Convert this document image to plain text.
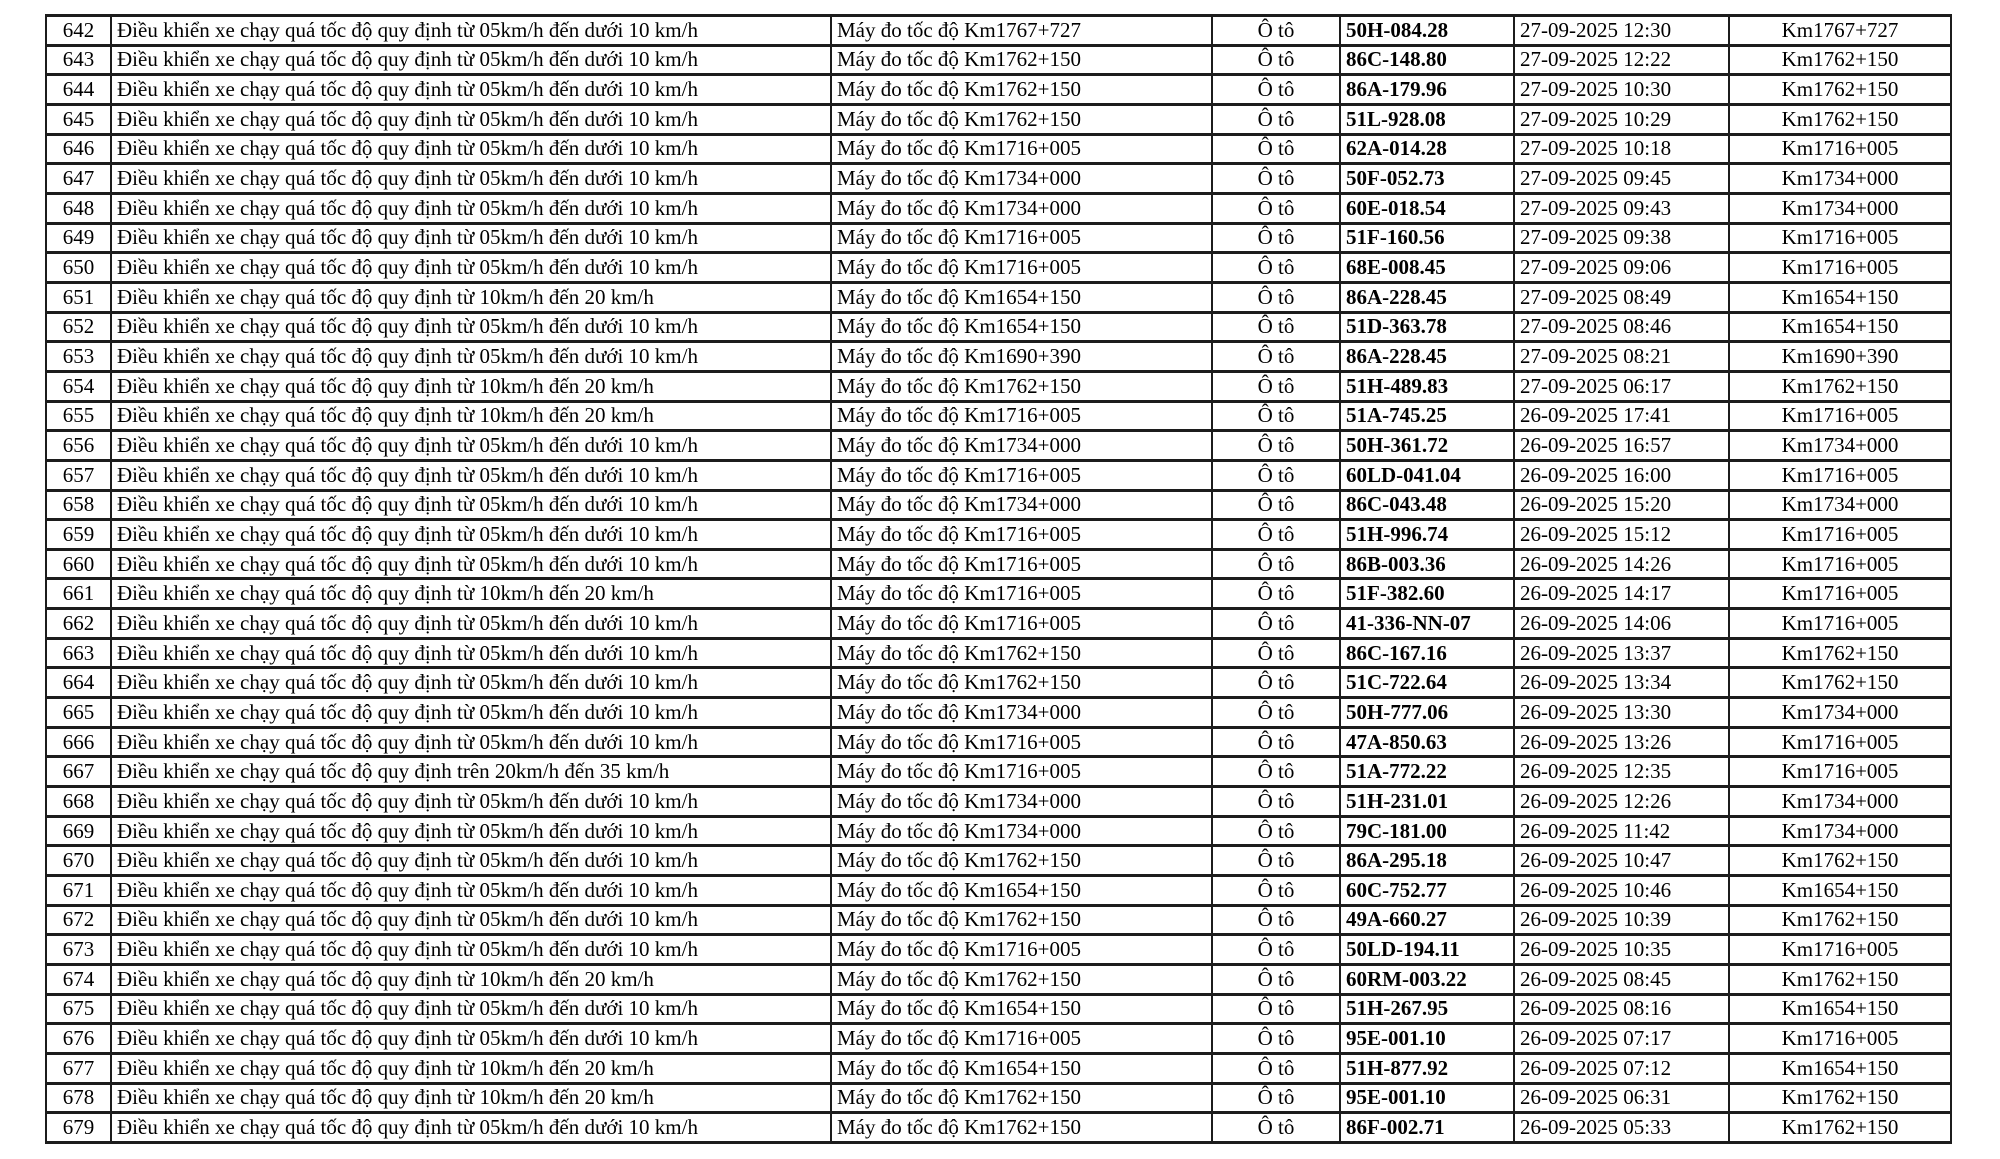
642	Điều khiển xe chạy quá tốc độ quy định từ 05km/h đến dưới 10 km/h	Máy đo tốc độ Km1767+727	Ô tô	50H-084.28	27-09-2025 12:30	Km1767+727
643	Điều khiển xe chạy quá tốc độ quy định từ 05km/h đến dưới 10 km/h	Máy đo tốc độ Km1762+150	Ô tô	86C-148.80	27-09-2025 12:22	Km1762+150
644	Điều khiển xe chạy quá tốc độ quy định từ 05km/h đến dưới 10 km/h	Máy đo tốc độ Km1762+150	Ô tô	86A-179.96	27-09-2025 10:30	Km1762+150
645	Điều khiển xe chạy quá tốc độ quy định từ 05km/h đến dưới 10 km/h	Máy đo tốc độ Km1762+150	Ô tô	51L-928.08	27-09-2025 10:29	Km1762+150
646	Điều khiển xe chạy quá tốc độ quy định từ 05km/h đến dưới 10 km/h	Máy đo tốc độ Km1716+005	Ô tô	62A-014.28	27-09-2025 10:18	Km1716+005
647	Điều khiển xe chạy quá tốc độ quy định từ 05km/h đến dưới 10 km/h	Máy đo tốc độ Km1734+000	Ô tô	50F-052.73	27-09-2025 09:45	Km1734+000
648	Điều khiển xe chạy quá tốc độ quy định từ 05km/h đến dưới 10 km/h	Máy đo tốc độ Km1734+000	Ô tô	60E-018.54	27-09-2025 09:43	Km1734+000
649	Điều khiển xe chạy quá tốc độ quy định từ 05km/h đến dưới 10 km/h	Máy đo tốc độ Km1716+005	Ô tô	51F-160.56	27-09-2025 09:38	Km1716+005
650	Điều khiển xe chạy quá tốc độ quy định từ 05km/h đến dưới 10 km/h	Máy đo tốc độ Km1716+005	Ô tô	68E-008.45	27-09-2025 09:06	Km1716+005
651	Điều khiển xe chạy quá tốc độ quy định từ 10km/h đến 20 km/h	Máy đo tốc độ Km1654+150	Ô tô	86A-228.45	27-09-2025 08:49	Km1654+150
652	Điều khiển xe chạy quá tốc độ quy định từ 05km/h đến dưới 10 km/h	Máy đo tốc độ Km1654+150	Ô tô	51D-363.78	27-09-2025 08:46	Km1654+150
653	Điều khiển xe chạy quá tốc độ quy định từ 05km/h đến dưới 10 km/h	Máy đo tốc độ Km1690+390	Ô tô	86A-228.45	27-09-2025 08:21	Km1690+390
654	Điều khiển xe chạy quá tốc độ quy định từ 10km/h đến 20 km/h	Máy đo tốc độ Km1762+150	Ô tô	51H-489.83	27-09-2025 06:17	Km1762+150
655	Điều khiển xe chạy quá tốc độ quy định từ 10km/h đến 20 km/h	Máy đo tốc độ Km1716+005	Ô tô	51A-745.25	26-09-2025 17:41	Km1716+005
656	Điều khiển xe chạy quá tốc độ quy định từ 05km/h đến dưới 10 km/h	Máy đo tốc độ Km1734+000	Ô tô	50H-361.72	26-09-2025 16:57	Km1734+000
657	Điều khiển xe chạy quá tốc độ quy định từ 05km/h đến dưới 10 km/h	Máy đo tốc độ Km1716+005	Ô tô	60LD-041.04	26-09-2025 16:00	Km1716+005
658	Điều khiển xe chạy quá tốc độ quy định từ 05km/h đến dưới 10 km/h	Máy đo tốc độ Km1734+000	Ô tô	86C-043.48	26-09-2025 15:20	Km1734+000
659	Điều khiển xe chạy quá tốc độ quy định từ 05km/h đến dưới 10 km/h	Máy đo tốc độ Km1716+005	Ô tô	51H-996.74	26-09-2025 15:12	Km1716+005
660	Điều khiển xe chạy quá tốc độ quy định từ 05km/h đến dưới 10 km/h	Máy đo tốc độ Km1716+005	Ô tô	86B-003.36	26-09-2025 14:26	Km1716+005
661	Điều khiển xe chạy quá tốc độ quy định từ 10km/h đến 20 km/h	Máy đo tốc độ Km1716+005	Ô tô	51F-382.60	26-09-2025 14:17	Km1716+005
662	Điều khiển xe chạy quá tốc độ quy định từ 05km/h đến dưới 10 km/h	Máy đo tốc độ Km1716+005	Ô tô	41-336-NN-07	26-09-2025 14:06	Km1716+005
663	Điều khiển xe chạy quá tốc độ quy định từ 05km/h đến dưới 10 km/h	Máy đo tốc độ Km1762+150	Ô tô	86C-167.16	26-09-2025 13:37	Km1762+150
664	Điều khiển xe chạy quá tốc độ quy định từ 05km/h đến dưới 10 km/h	Máy đo tốc độ Km1762+150	Ô tô	51C-722.64	26-09-2025 13:34	Km1762+150
665	Điều khiển xe chạy quá tốc độ quy định từ 05km/h đến dưới 10 km/h	Máy đo tốc độ Km1734+000	Ô tô	50H-777.06	26-09-2025 13:30	Km1734+000
666	Điều khiển xe chạy quá tốc độ quy định từ 05km/h đến dưới 10 km/h	Máy đo tốc độ Km1716+005	Ô tô	47A-850.63	26-09-2025 13:26	Km1716+005
667	Điều khiển xe chạy quá tốc độ quy định trên 20km/h đến 35 km/h	Máy đo tốc độ Km1716+005	Ô tô	51A-772.22	26-09-2025 12:35	Km1716+005
668	Điều khiển xe chạy quá tốc độ quy định từ 05km/h đến dưới 10 km/h	Máy đo tốc độ Km1734+000	Ô tô	51H-231.01	26-09-2025 12:26	Km1734+000
669	Điều khiển xe chạy quá tốc độ quy định từ 05km/h đến dưới 10 km/h	Máy đo tốc độ Km1734+000	Ô tô	79C-181.00	26-09-2025 11:42	Km1734+000
670	Điều khiển xe chạy quá tốc độ quy định từ 05km/h đến dưới 10 km/h	Máy đo tốc độ Km1762+150	Ô tô	86A-295.18	26-09-2025 10:47	Km1762+150
671	Điều khiển xe chạy quá tốc độ quy định từ 05km/h đến dưới 10 km/h	Máy đo tốc độ Km1654+150	Ô tô	60C-752.77	26-09-2025 10:46	Km1654+150
672	Điều khiển xe chạy quá tốc độ quy định từ 05km/h đến dưới 10 km/h	Máy đo tốc độ Km1762+150	Ô tô	49A-660.27	26-09-2025 10:39	Km1762+150
673	Điều khiển xe chạy quá tốc độ quy định từ 05km/h đến dưới 10 km/h	Máy đo tốc độ Km1716+005	Ô tô	50LD-194.11	26-09-2025 10:35	Km1716+005
674	Điều khiển xe chạy quá tốc độ quy định từ 10km/h đến 20 km/h	Máy đo tốc độ Km1762+150	Ô tô	60RM-003.22	26-09-2025 08:45	Km1762+150
675	Điều khiển xe chạy quá tốc độ quy định từ 05km/h đến dưới 10 km/h	Máy đo tốc độ Km1654+150	Ô tô	51H-267.95	26-09-2025 08:16	Km1654+150
676	Điều khiển xe chạy quá tốc độ quy định từ 05km/h đến dưới 10 km/h	Máy đo tốc độ Km1716+005	Ô tô	95E-001.10	26-09-2025 07:17	Km1716+005
677	Điều khiển xe chạy quá tốc độ quy định từ 10km/h đến 20 km/h	Máy đo tốc độ Km1654+150	Ô tô	51H-877.92	26-09-2025 07:12	Km1654+150
678	Điều khiển xe chạy quá tốc độ quy định từ 10km/h đến 20 km/h	Máy đo tốc độ Km1762+150	Ô tô	95E-001.10	26-09-2025 06:31	Km1762+150
679	Điều khiển xe chạy quá tốc độ quy định từ 05km/h đến dưới 10 km/h	Máy đo tốc độ Km1762+150	Ô tô	86F-002.71	26-09-2025 05:33	Km1762+150
